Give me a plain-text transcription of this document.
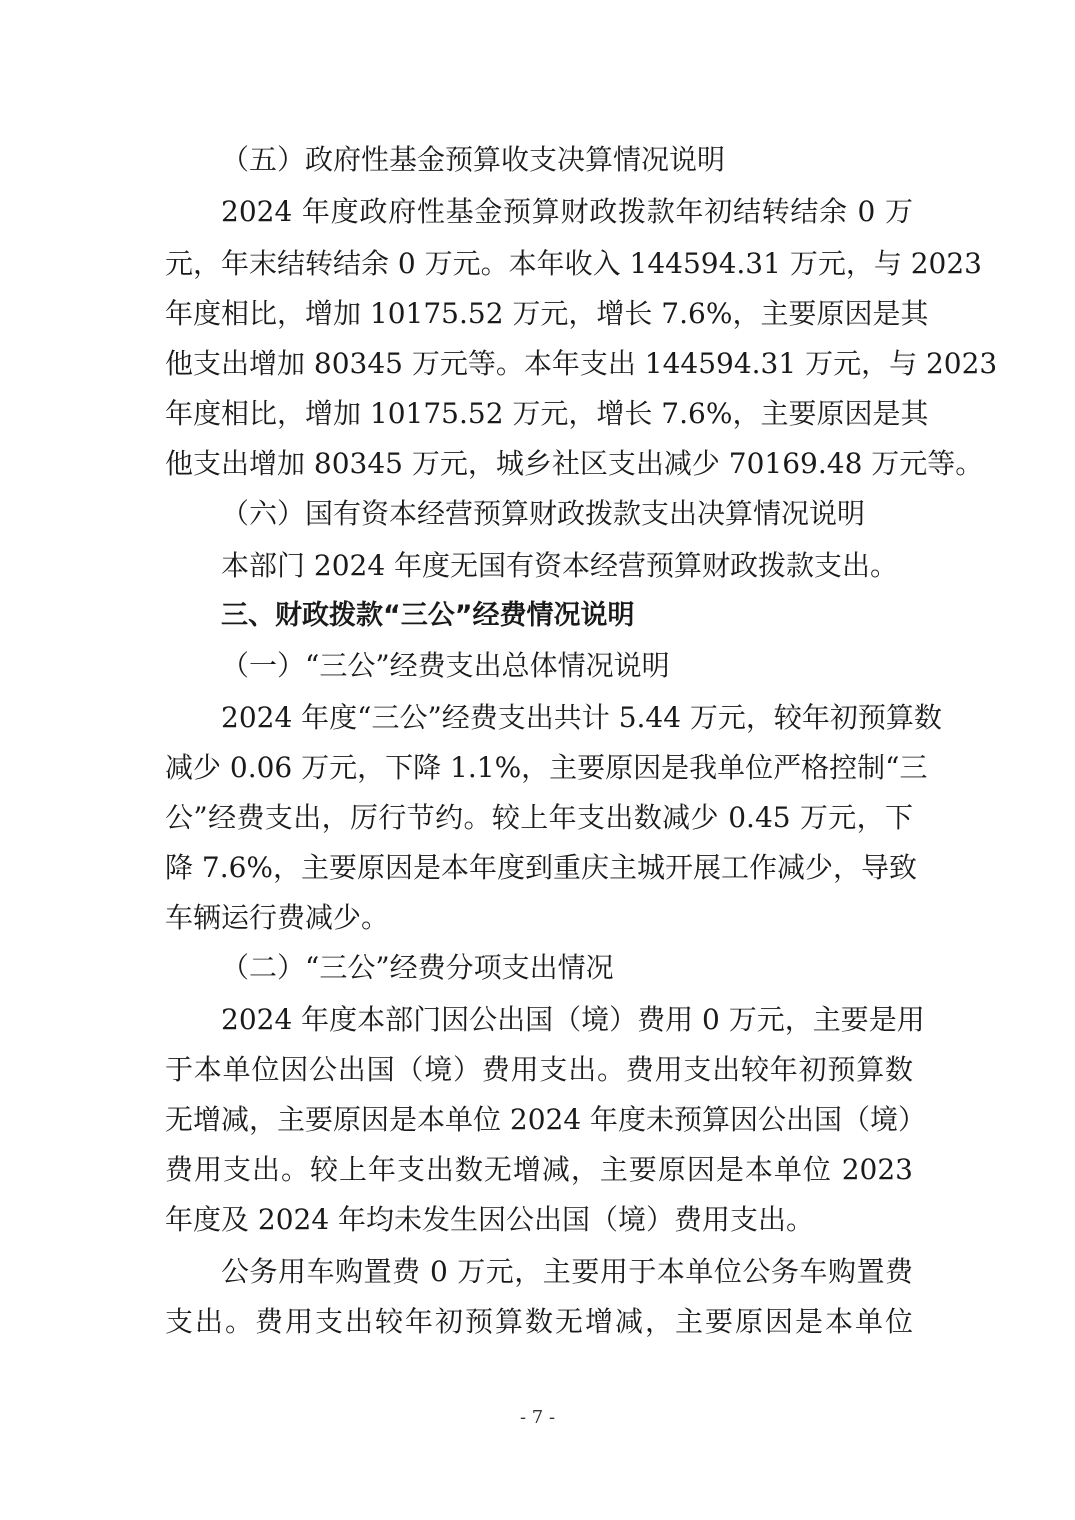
（五）政府性基金预算收支决算情况说明
2024 年度政府性基金预算财政拨款年初结转结余 0 万
元，年末结转结余 0 万元。本年收入 144594.31 万元，与 2023
年度相比，增加 10175.52 万元，增长 7.6%，主要原因是其
他支出增加 80345 万元等。本年支出 144594.31 万元，与 2023
年度相比，增加 10175.52 万元，增长 7.6%，主要原因是其
他支出增加 80345 万元，城乡社区支出减少 70169.48 万元等。
（六）国有资本经营预算财政拨款支出决算情况说明
本部门 2024 年度无国有资本经营预算财政拨款支出。
三、财政拨款“三公”经费情况说明
（一）“三公”经费支出总体情况说明
2024 年度“三公”经费支出共计 5.44 万元，较年初预算数
减少 0.06 万元，下降 1.1%，主要原因是我单位严格控制“三
公”经费支出，厉行节约。较上年支出数减少 0.45 万元，下
降 7.6%，主要原因是本年度到重庆主城开展工作减少，导致
车辆运行费减少。
（二）“三公”经费分项支出情况
2024 年度本部门因公出国（境）费用 0 万元，主要是用
于本单位因公出国（境）费用支出。费用支出较年初预算数
无增减，主要原因是本单位 2024 年度未预算因公出国（境）
费用支出。较上年支出数无增减，主要原因是本单位 2023
年度及 2024 年均未发生因公出国（境）费用支出。
公务用车购置费 0 万元，主要用于本单位公务车购置费
支出。费用支出较年初预算数无增减，主要原因是本单位
- 7 -
